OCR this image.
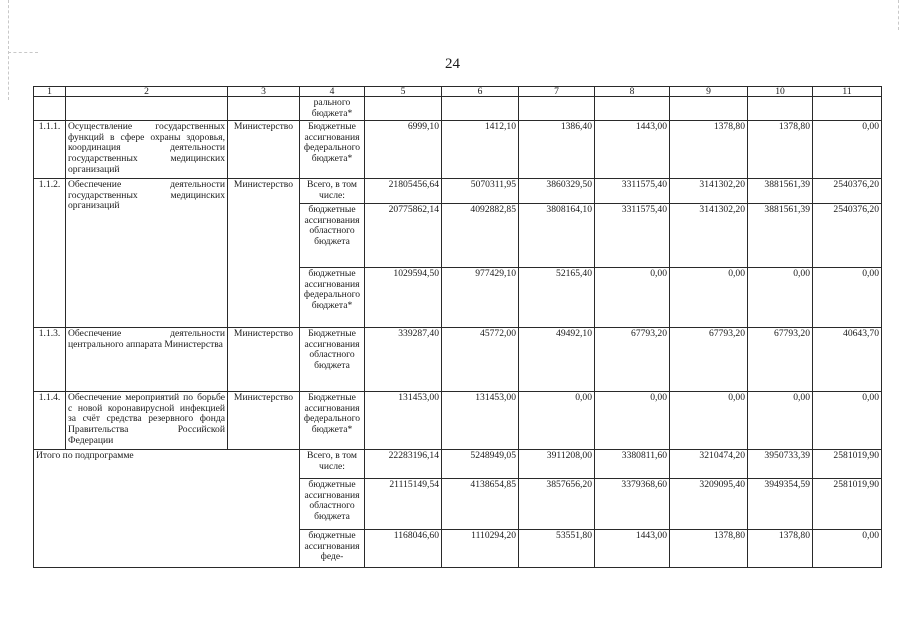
24
1	2	3	4	5	6	7	8	9	10	11
			рального бюджета*							
1.1.1.	Осуществление государственных функций в сфере охраны здоровья, координация деятельности государственных медицинских организаций	Министерство	Бюджетные ассигнования федерального бюджета*	6999,10	1412,10	1386,40	1443,00	1378,80	1378,80	0,00
1.1.2.	Обеспечение деятельности государственных медицинских организаций	Министерство	Всего, в том числе:	21805456,64	5070311,95	3860329,50	3311575,40	3141302,20	3881561,39	2540376,20
			бюджетные ассигнования областного бюджета	20775862,14	4092882,85	3808164,10	3311575,40	3141302,20	3881561,39	2540376,20
			бюджетные ассигнования федерального бюджета*	1029594,50	977429,10	52165,40	0,00	0,00	0,00	0,00
1.1.3.	Обеспечение деятельности центрального аппарата Министерства	Министерство	Бюджетные ассигнования областного бюджета	339287,40	45772,00	49492,10	67793,20	67793,20	67793,20	40643,70
1.1.4.	Обеспечение мероприятий по борьбе с новой коронавирусной инфекцией за счёт средства резервного фонда Правительства Российской Федерации	Министерство	Бюджетные ассигнования федерального бюджета*	131453,00	131453,00	0,00	0,00	0,00	0,00	0,00
Итого по подпрограмме			Всего, в том числе:	22283196,14	5248949,05	3911208,00	3380811,60	3210474,20	3950733,39	2581019,90
			бюджетные ассигнования областного бюджета	21115149,54	4138654,85	3857656,20	3379368,60	3209095,40	3949354,59	2581019,90
			бюджетные ассигнования феде-	1168046,60	1110294,20	53551,80	1443,00	1378,80	1378,80	0,00
